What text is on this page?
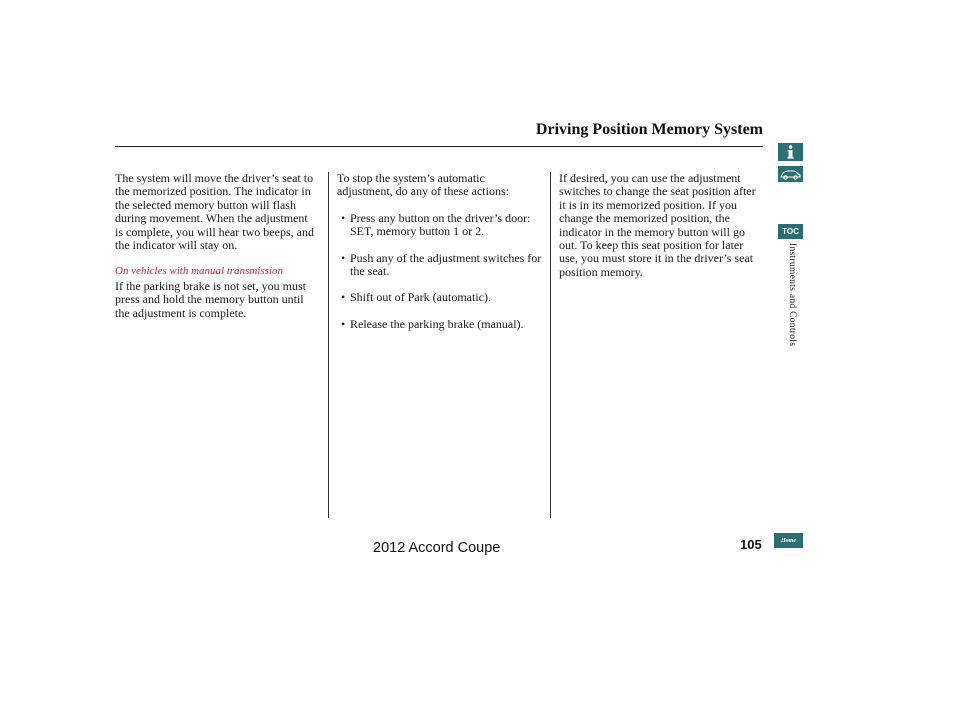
Driving Position Memory System

The system will move the driver’s seat to the memorized position. The indicator in the selected memory button will flash during movement. When the adjustment is complete, you will hear two beeps, and the indicator will stay on.

On vehicles with manual transmission

If the parking brake is not set, you must press and hold the memory button until the adjustment is complete.

To stop the system’s automatic adjustment, do any of these actions:

• Press any button on the driver’s door: SET, memory button 1 or 2.
• Push any of the adjustment switches for the seat.
• Shift out of Park (automatic).
• Release the parking brake (manual).

If desired, you can use the adjustment switches to change the seat position after it is in its memorized position. If you change the memorized position, the indicator in the memory button will go out. To keep this seat position for later use, you must store it in the driver’s seat position memory.

TOC
Instruments and Controls
Home
105
2012 Accord Coupe
